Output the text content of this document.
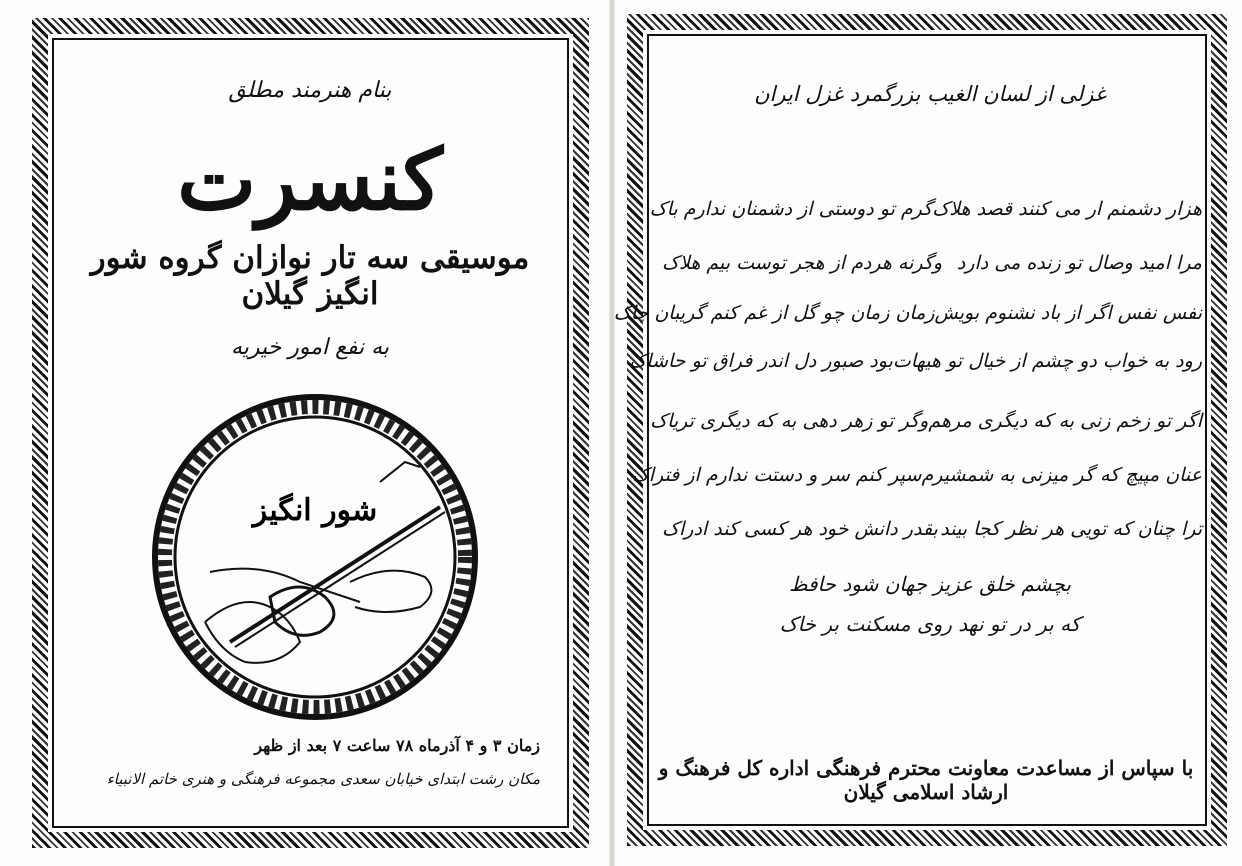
بنام هنرمند مطلق
کنسرت
موسیقی سه تار نوازان گروه شور انگیز گیلان
به نفع امور خیریه
شور انگیز
زمان ۳ و ۴ آذرماه ۷۸ ساعت ۷ بعد از ظهر
مکان رشت ابتدای خیابان سعدی مجموعه فرهنگی و هنری خاتم الانبیاء
غزلی از لسان الغیب بزرگمرد غزل ایران
هزار دشمنم ار می کنند قصد هلاک
گرم تو دوستی از دشمنان ندارم باک
مرا امید وصال تو زنده می دارد
وگرنه هردم از هجر توست بیم هلاک
نفس نفس اگر از باد نشنوم بویش
زمان زمان چو گل از غم کنم گریبان چاک
رود به خواب دو چشم از خیال تو هیهات
بود صبور دل اندر فراق تو حاشاک
اگر تو زخم زنی به که دیگری مرهم
وگر تو زهر دهی به که دیگری تریاک
عنان مپیچ که گر میزنی به شمشیرم
سپر کنم سر و دستت ندارم از فتراک
ترا چنان که تویی هر نظر کجا بیند
بقدر دانش خود هر کسی کند ادراک
بچشم خلق عزیز جهان شود حافظ
که بر در تو نهد روی مسکنت بر خاک
با سپاس از مساعدت معاونت محترم فرهنگی اداره کل فرهنگ و ارشاد اسلامی گیلان
